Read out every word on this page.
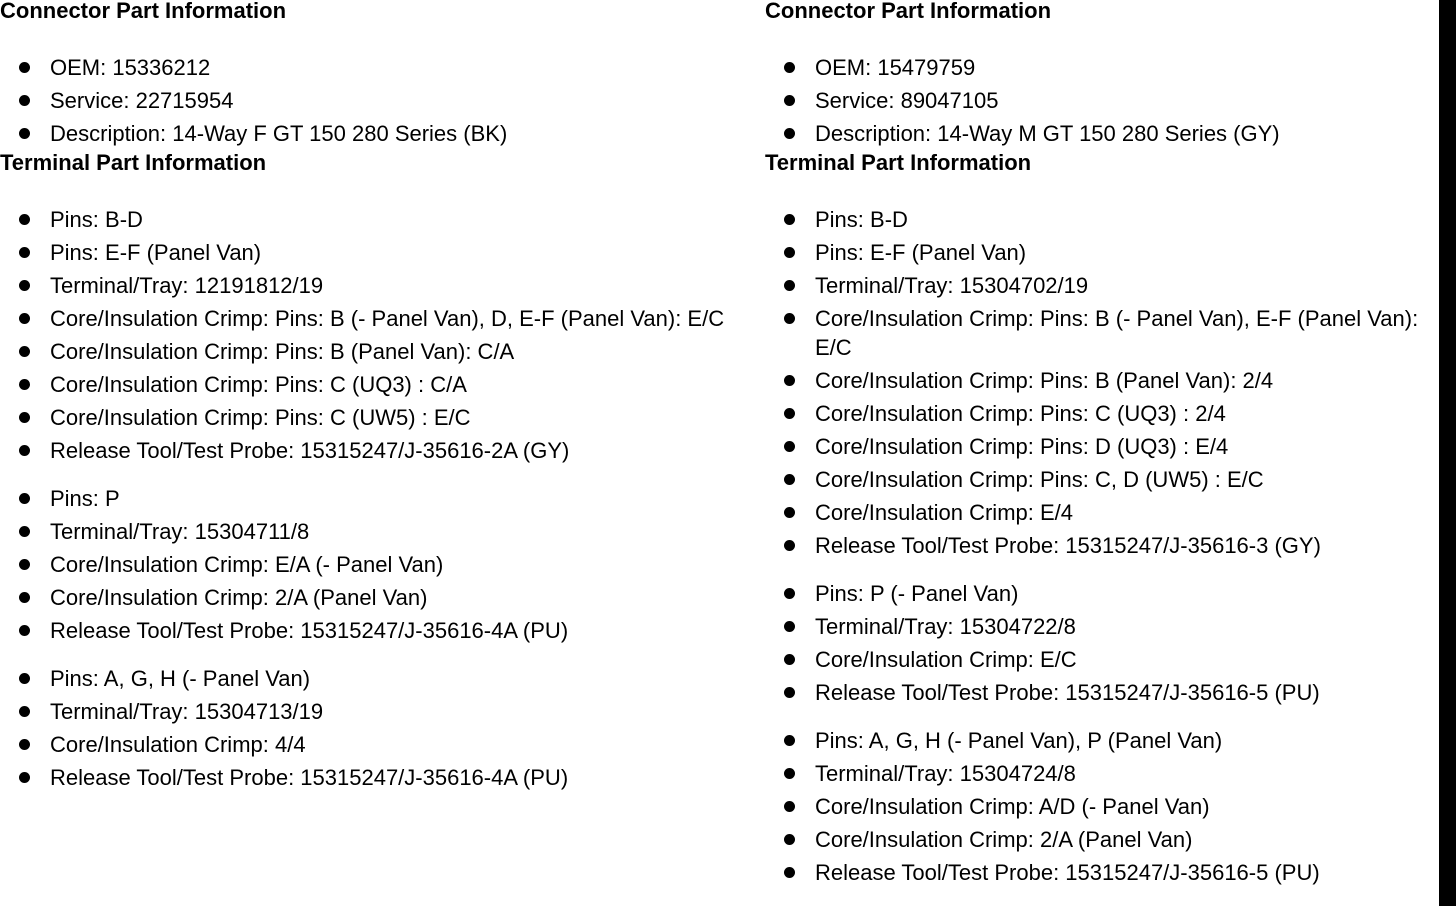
Connector Part Information
OEM: 15336212
Service: 22715954
Description: 14-Way F GT 150 280 Series (BK)
Terminal Part Information
Pins: B-D
Pins: E-F (Panel Van)
Terminal/Tray: 12191812/19
Core/Insulation Crimp: Pins: B (- Panel Van), D, E-F (Panel Van): E/C
Core/Insulation Crimp: Pins: B (Panel Van): C/A
Core/Insulation Crimp: Pins: C (UQ3) : C/A
Core/Insulation Crimp: Pins: C (UW5) : E/C
Release Tool/Test Probe: 15315247/J-35616-2A (GY)
Pins: P
Terminal/Tray: 15304711/8
Core/Insulation Crimp: E/A (- Panel Van)
Core/Insulation Crimp: 2/A (Panel Van)
Release Tool/Test Probe: 15315247/J-35616-4A (PU)
Pins: A, G, H (- Panel Van)
Terminal/Tray: 15304713/19
Core/Insulation Crimp: 4/4
Release Tool/Test Probe: 15315247/J-35616-4A (PU)
Connector Part Information
OEM: 15479759
Service: 89047105
Description: 14-Way M GT 150 280 Series (GY)
Terminal Part Information
Pins: B-D
Pins: E-F (Panel Van)
Terminal/Tray: 15304702/19
Core/Insulation Crimp: Pins: B (- Panel Van), E-F (Panel Van): E/C
Core/Insulation Crimp: Pins: B (Panel Van): 2/4
Core/Insulation Crimp: Pins: C (UQ3) : 2/4
Core/Insulation Crimp: Pins: D (UQ3) : E/4
Core/Insulation Crimp: Pins: C, D (UW5) : E/C
Core/Insulation Crimp: E/4
Release Tool/Test Probe: 15315247/J-35616-3 (GY)
Pins: P (- Panel Van)
Terminal/Tray: 15304722/8
Core/Insulation Crimp: E/C
Release Tool/Test Probe: 15315247/J-35616-5 (PU)
Pins: A, G, H (- Panel Van), P (Panel Van)
Terminal/Tray: 15304724/8
Core/Insulation Crimp: A/D (- Panel Van)
Core/Insulation Crimp: 2/A (Panel Van)
Release Tool/Test Probe: 15315247/J-35616-5 (PU)
